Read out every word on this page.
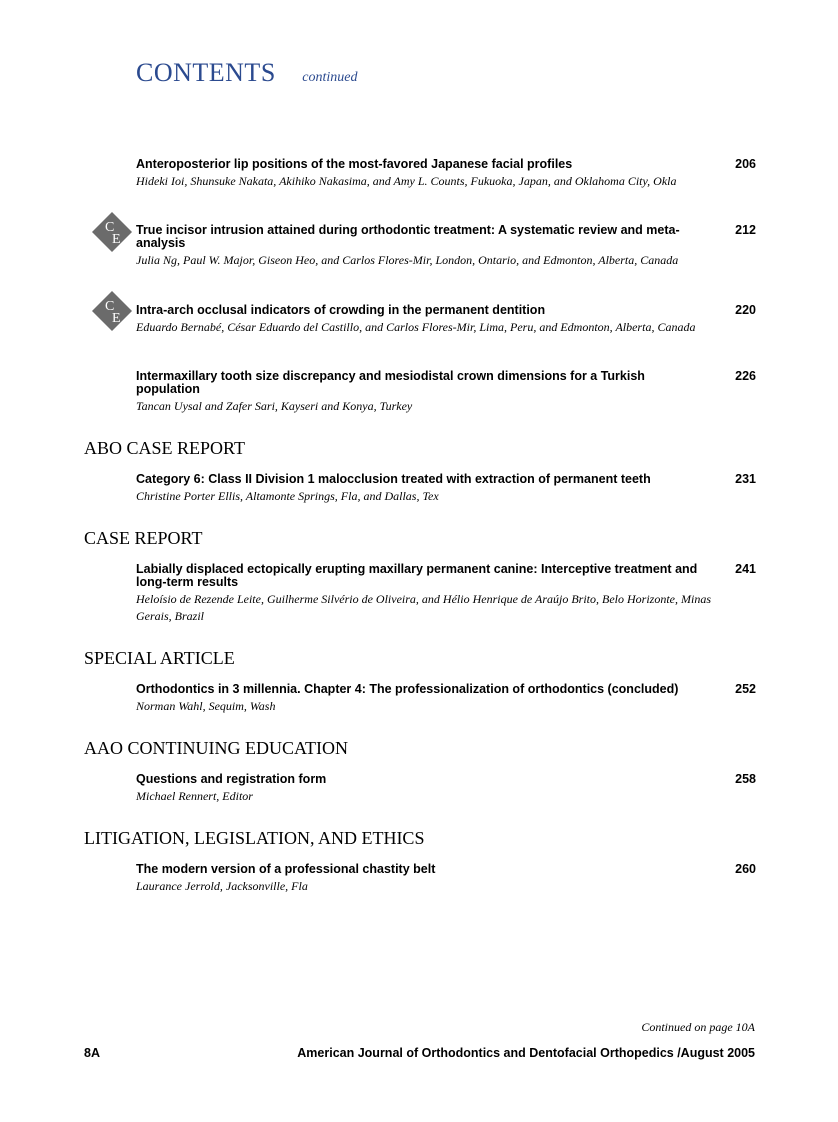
CONTENTS continued
Anteroposterior lip positions of the most-favored Japanese facial profiles
Hideki Ioi, Shunsuke Nakata, Akihiko Nakasima, and Amy L. Counts, Fukuoka, Japan, and Oklahoma City, Okla
206
C
E
True incisor intrusion attained during orthodontic treatment: A systematic review and meta-analysis
Julia Ng, Paul W. Major, Giseon Heo, and Carlos Flores-Mir, London, Ontario, and Edmonton, Alberta, Canada
212
C
E
Intra-arch occlusal indicators of crowding in the permanent dentition
Eduardo Bernabé, César Eduardo del Castillo, and Carlos Flores-Mir, Lima, Peru, and Edmonton, Alberta, Canada
220
Intermaxillary tooth size discrepancy and mesiodistal crown dimensions for a Turkish population
Tancan Uysal and Zafer Sari, Kayseri and Konya, Turkey
226
ABO CASE REPORT
Category 6: Class II Division 1 malocclusion treated with extraction of permanent teeth
Christine Porter Ellis, Altamonte Springs, Fla, and Dallas, Tex
231
CASE REPORT
Labially displaced ectopically erupting maxillary permanent canine: Interceptive treatment and long-term results
Heloísio de Rezende Leite, Guilherme Silvério de Oliveira, and Hélio Henrique de Araújo Brito, Belo Horizonte, Minas Gerais, Brazil
241
SPECIAL ARTICLE
Orthodontics in 3 millennia. Chapter 4: The professionalization of orthodontics (concluded)
Norman Wahl, Sequim, Wash
252
AAO CONTINUING EDUCATION
Questions and registration form
Michael Rennert, Editor
258
LITIGATION, LEGISLATION, AND ETHICS
The modern version of a professional chastity belt
Laurance Jerrold, Jacksonville, Fla
260
Continued on page 10A
8A	American Journal of Orthodontics and Dentofacial Orthopedics /August 2005
